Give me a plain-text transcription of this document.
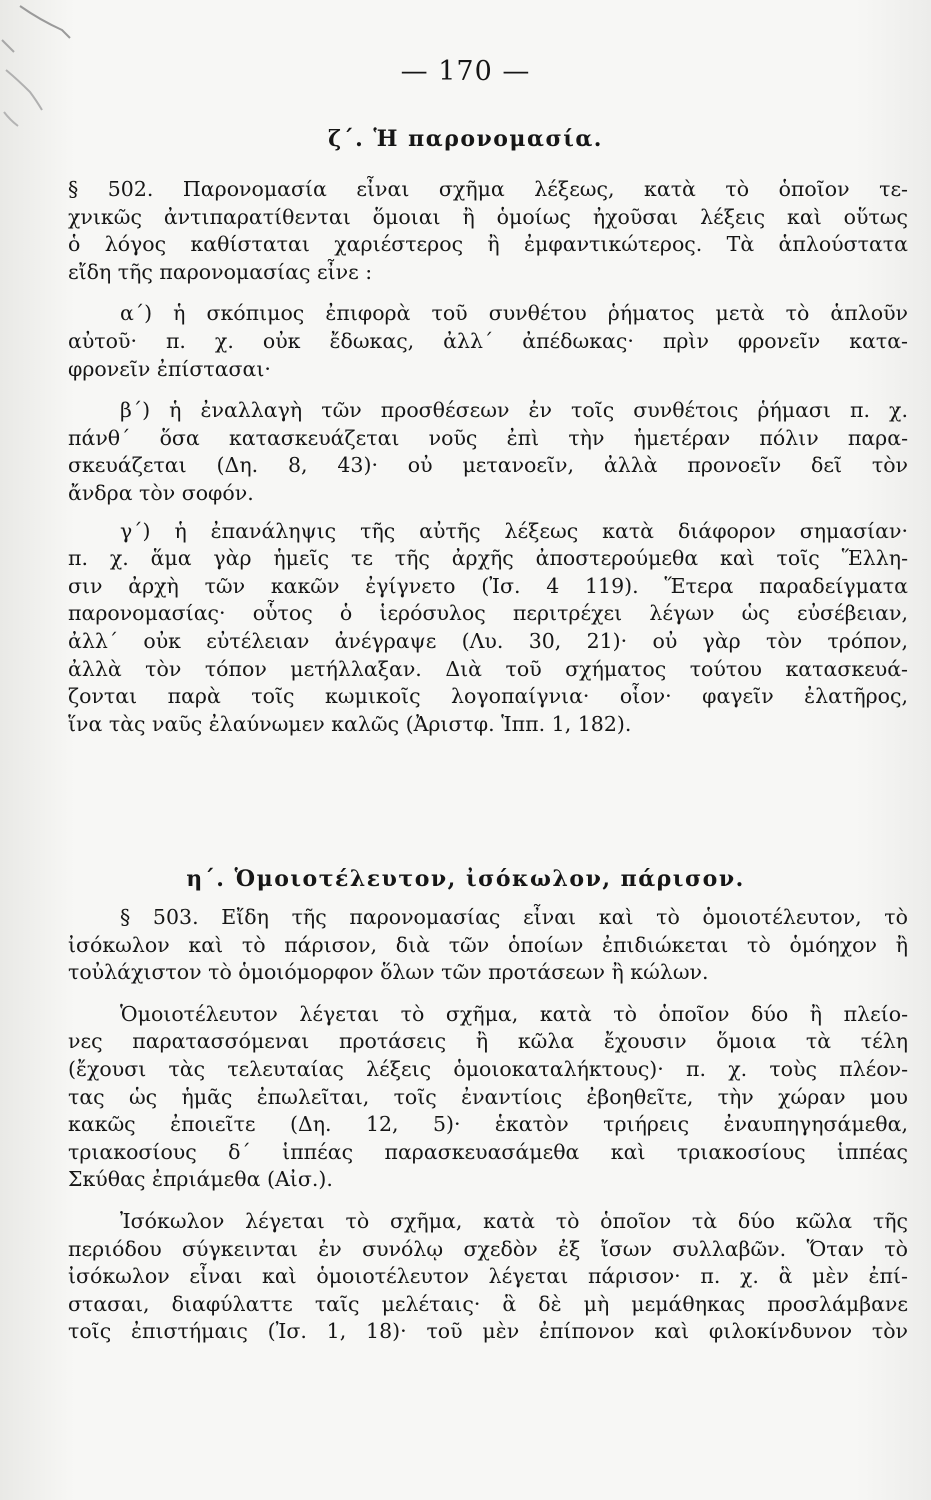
— 170 —
ζ΄. Ἡ παρονομασία.
§ 502. Παρονομασία εἶναι σχῆμα λέξεως, κατὰ τὸ ὁποῖον τε-
χνικῶς ἀντιπαρατίθενται ὅμοιαι ἢ ὁμοίως ἠχοῦσαι λέξεις καὶ οὕτως
ὁ λόγος καθίσταται χαριέστερος ἢ ἐμφαντικώτερος. Τὰ ἁπλούστατα
εἴδη τῆς παρονομασίας εἶνε :
α΄) ἡ σκόπιμος ἐπιφορὰ τοῦ συνθέτου ῥήματος μετὰ τὸ ἁπλοῦν
αὐτοῦ· π. χ. οὐκ ἔδωκας, ἀλλ΄ ἀπέδωκας· πρὶν φρονεῖν κατα-
φρονεῖν ἐπίστασαι·
β΄) ἡ ἐναλλαγὴ τῶν προσθέσεων ἐν τοῖς συνθέτοις ῥήμασι π. χ.
πάνθ΄ ὅσα κατασκευάζεται νοῦς ἐπὶ τὴν ἡμετέραν πόλιν παρα-
σκευάζεται (Δη. 8, 43)· οὐ μετανοεῖν, ἀλλὰ προνοεῖν δεῖ τὸν
ἄνδρα τὸν σοφόν.
γ΄) ἡ ἐπανάληψις τῆς αὐτῆς λέξεως κατὰ διάφορον σημασίαν·
π. χ. ἅμα γὰρ ἡμεῖς τε τῆς ἀρχῆς ἀποστερούμεθα καὶ τοῖς Ἕλλη-
σιν ἀρχὴ τῶν κακῶν ἐγίγνετο (Ἰσ. 4 119). Ἕτερα παραδείγματα
παρονομασίας· οὗτος ὁ ἱερόσυλος περιτρέχει λέγων ὡς εὐσέβειαν,
ἀλλ΄ οὐκ εὐτέλειαν ἀνέγραψε (Λυ. 30, 21)· οὐ γὰρ τὸν τρόπον,
ἀλλὰ τὸν τόπον μετήλλαξαν. Διὰ τοῦ σχήματος τούτου κατασκευά-
ζονται παρὰ τοῖς κωμικοῖς λογοπαίγνια· οἷον· φαγεῖν ἐλατῆρος,
ἵνα τὰς ναῦς ἐλαύνωμεν καλῶς (Ἀριστφ. Ἱππ. 1, 182).
η΄. Ὁμοιοτέλευτον, ἰσόκωλον, πάρισον.
§ 503. Εἴδη τῆς παρονομασίας εἶναι καὶ τὸ ὁμοιοτέλευτον, τὸ
ἰσόκωλον καὶ τὸ πάρισον, διὰ τῶν ὁποίων ἐπιδιώκεται τὸ ὁμόηχον ἢ
τοὐλάχιστον τὸ ὁμοιόμορφον ὅλων τῶν προτάσεων ἢ κώλων.
Ὁμοιοτέλευτον λέγεται τὸ σχῆμα, κατὰ τὸ ὁποῖον δύο ἢ πλείο-
νες παρατασσόμεναι προτάσεις ἢ κῶλα ἔχουσιν ὅμοια τὰ τέλη
(ἔχουσι τὰς τελευταίας λέξεις ὁμοιοκαταλήκτους)· π. χ. τοὺς πλέον-
τας ὡς ἡμᾶς ἐπωλεῖται, τοῖς ἐναντίοις ἐβοηθεῖτε, τὴν χώραν μου
κακῶς ἐποιεῖτε (Δη. 12, 5)· ἑκατὸν τριήρεις ἐναυπηγησάμεθα,
τριακοσίους δ΄ ἱππέας παρασκευασάμεθα καὶ τριακοσίους ἱππέας
Σκύθας ἐπριάμεθα (Αἰσ.).
Ἰσόκωλον λέγεται τὸ σχῆμα, κατὰ τὸ ὁποῖον τὰ δύο κῶλα τῆς
περιόδου σύγκεινται ἐν συνόλῳ σχεδὸν ἐξ ἴσων συλλαβῶν. Ὅταν τὸ
ἰσόκωλον εἶναι καὶ ὁμοιοτέλευτον λέγεται πάρισον· π. χ. ἃ μὲν ἐπί-
στασαι, διαφύλαττε ταῖς μελέταις· ἃ δὲ μὴ μεμάθηκας προσλάμβανε
τοῖς ἐπιστήμαις (Ἰσ. 1, 18)· τοῦ μὲν ἐπίπονον καὶ φιλοκίνδυνον τὸν
